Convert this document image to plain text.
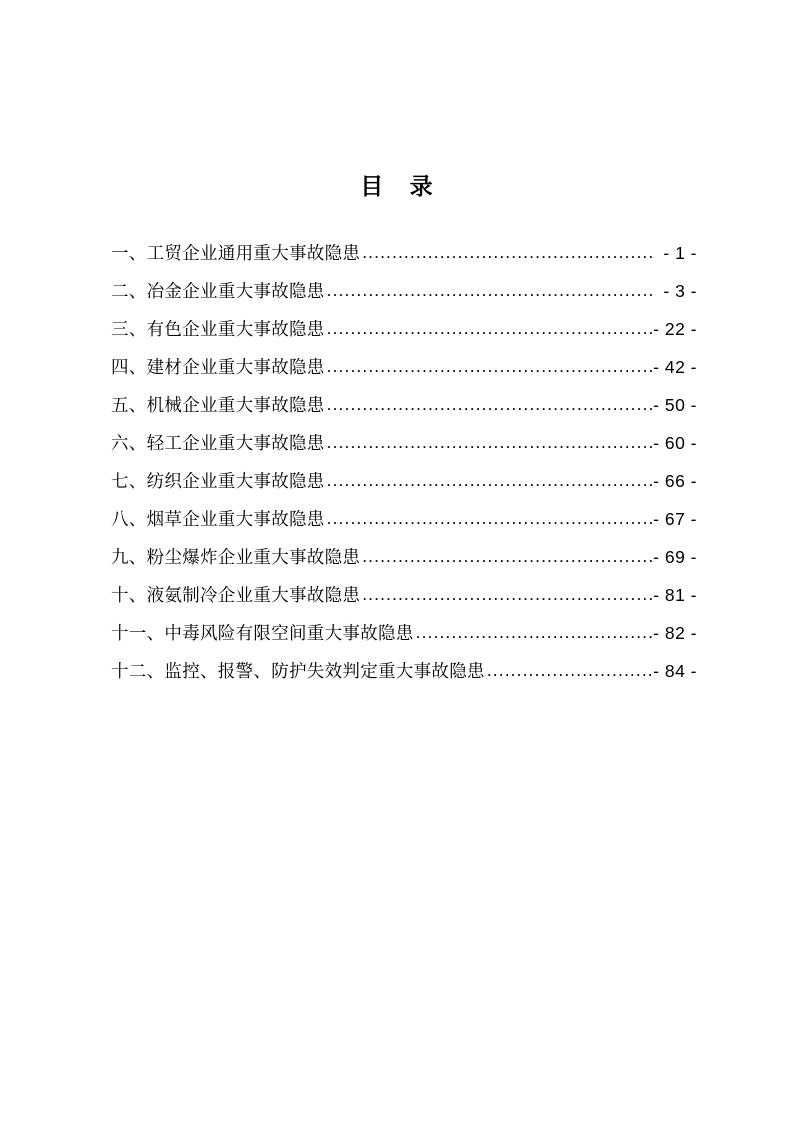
目 录
一、工贸企业通用重大事故隐患 .....	- 1 -
二、冶金企业重大事故隐患 .....	- 3 -
三、有色企业重大事故隐患 .....	- 22 -
四、建材企业重大事故隐患 .....	- 42 -
五、机械企业重大事故隐患 .....	- 50 -
六、轻工企业重大事故隐患 .....	- 60 -
七、纺织企业重大事故隐患 .....	- 66 -
八、烟草企业重大事故隐患 .....	- 67 -
九、粉尘爆炸企业重大事故隐患 .....	- 69 -
十、液氨制冷企业重大事故隐患 .....	- 81 -
十一、中毒风险有限空间重大事故隐患 .....	- 82 -
十二、监控、报警、防护失效判定重大事故隐患 .....	- 84 -
